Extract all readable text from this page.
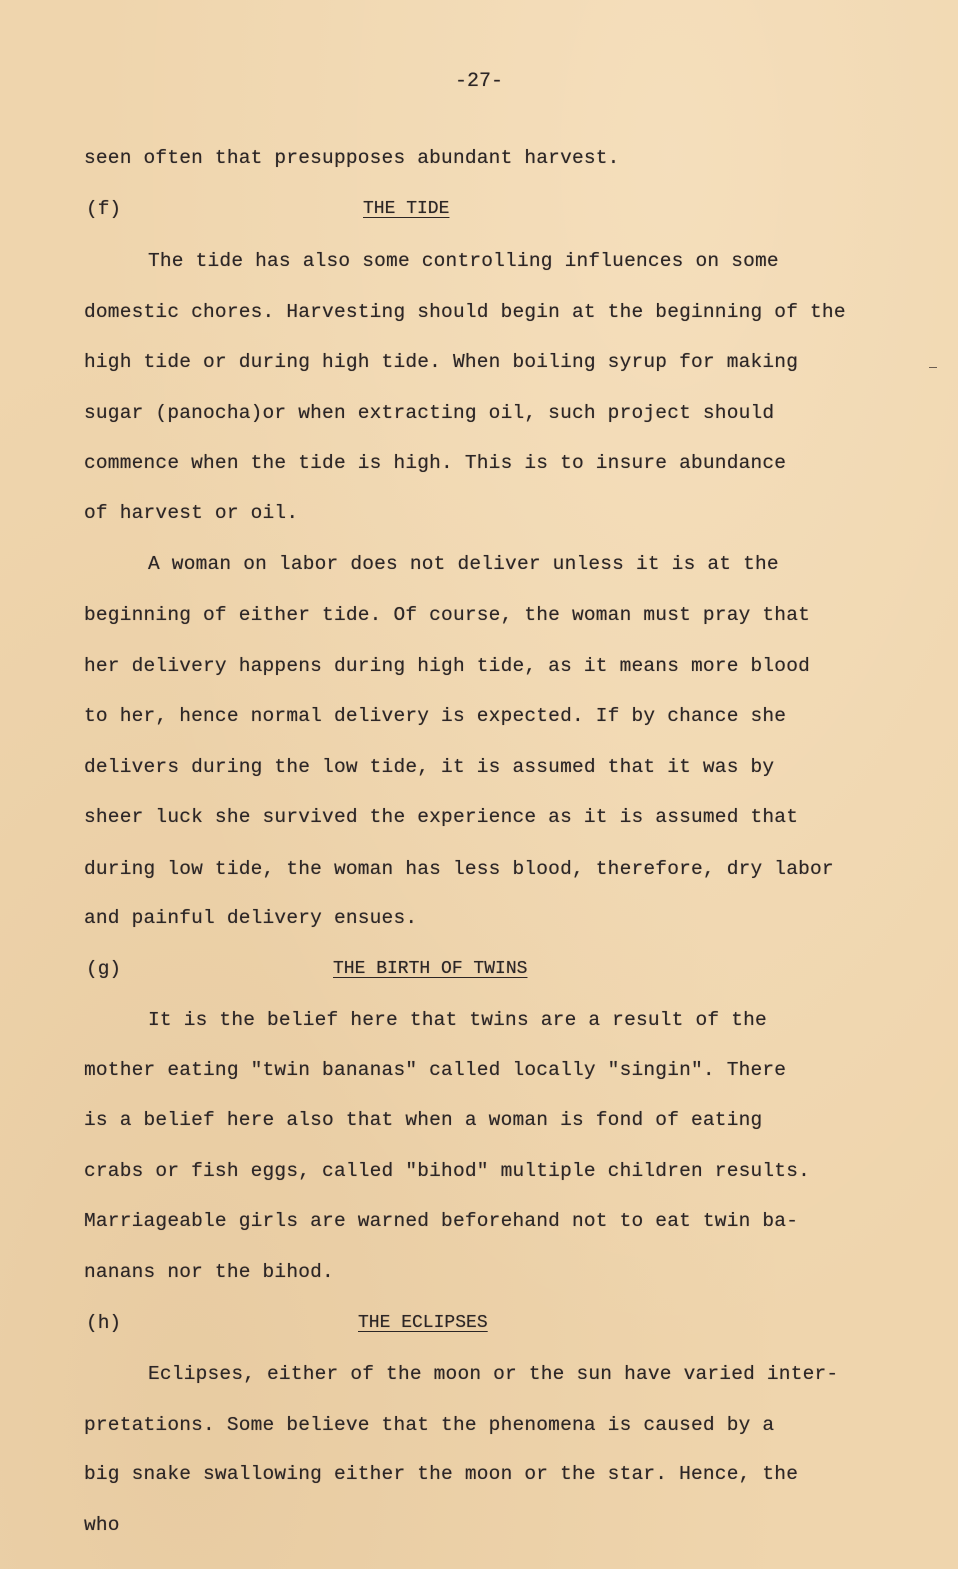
-27-
seen often that presupposes abundant harvest.
(f)	THE TIDE
The tide has also some controlling influences on some
domestic chores. Harvesting should begin at the beginning of the
high tide or during high tide. When boiling syrup for making
sugar (panocha)or when extracting oil, such project should
commence when the tide is high. This is to insure abundance
of harvest or oil.
A woman on labor does not deliver unless it is at the
beginning of either tide. Of course, the woman must pray that
her delivery happens during high tide, as it means more blood
to her, hence normal delivery is expected. If by chance she
delivers during the low tide, it is assumed that it was by
sheer luck she survived the experience as it is assumed that
during low tide, the woman has less blood, therefore, dry labor
and painful delivery ensues.
(g)	THE BIRTH OF TWINS
It is the belief here that twins are a result of the
mother eating "twin bananas" called locally "singin". There
is a belief here also that when a woman is fond of eating
crabs or fish eggs, called "bihod" multiple children results.
Marriageable girls are warned beforehand not to eat twin ba-
nanans nor the bihod.
(h)	THE ECLIPSES
Eclipses, either of the moon or the sun have varied inter-
pretations. Some believe that the phenomena is caused by a
big snake swallowing either the moon or the star. Hence, the
who
